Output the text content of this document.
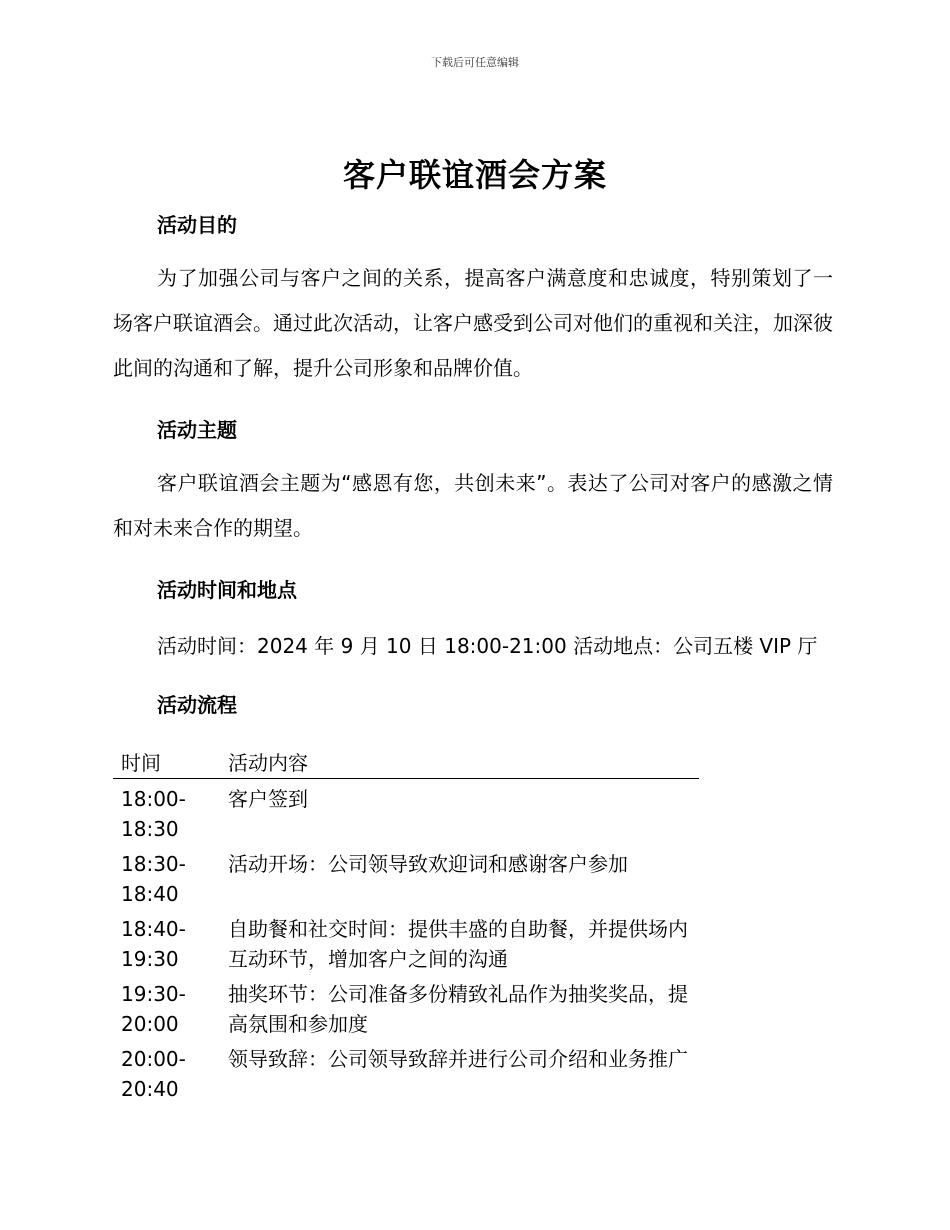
下载后可任意编辑
客户联谊酒会方案
活动目的
为了加强公司与客户之间的关系，提高客户满意度和忠诚度，特别策划了一场客户联谊酒会。通过此次活动，让客户感受到公司对他们的重视和关注，加深彼此间的沟通和了解，提升公司形象和品牌价值。
活动主题
客户联谊酒会主题为“感恩有您，共创未来”。表达了公司对客户的感激之情和对未来合作的期望。
活动时间和地点
活动时间：2024 年 9 月 10 日 18:00-21:00 活动地点：公司五楼 VIP 厅
活动流程
时间	活动内容
18:00-
18:30
客户签到
18:30-
18:40
活动开场：公司领导致欢迎词和感谢客户参加
18:40-
19:30
自助餐和社交时间：提供丰盛的自助餐，并提供场内互动环节，增加客户之间的沟通
19:30-
20:00
抽奖环节：公司准备多份精致礼品作为抽奖奖品，提高氛围和参加度
20:00-
20:40
领导致辞：公司领导致辞并进行公司介绍和业务推广
